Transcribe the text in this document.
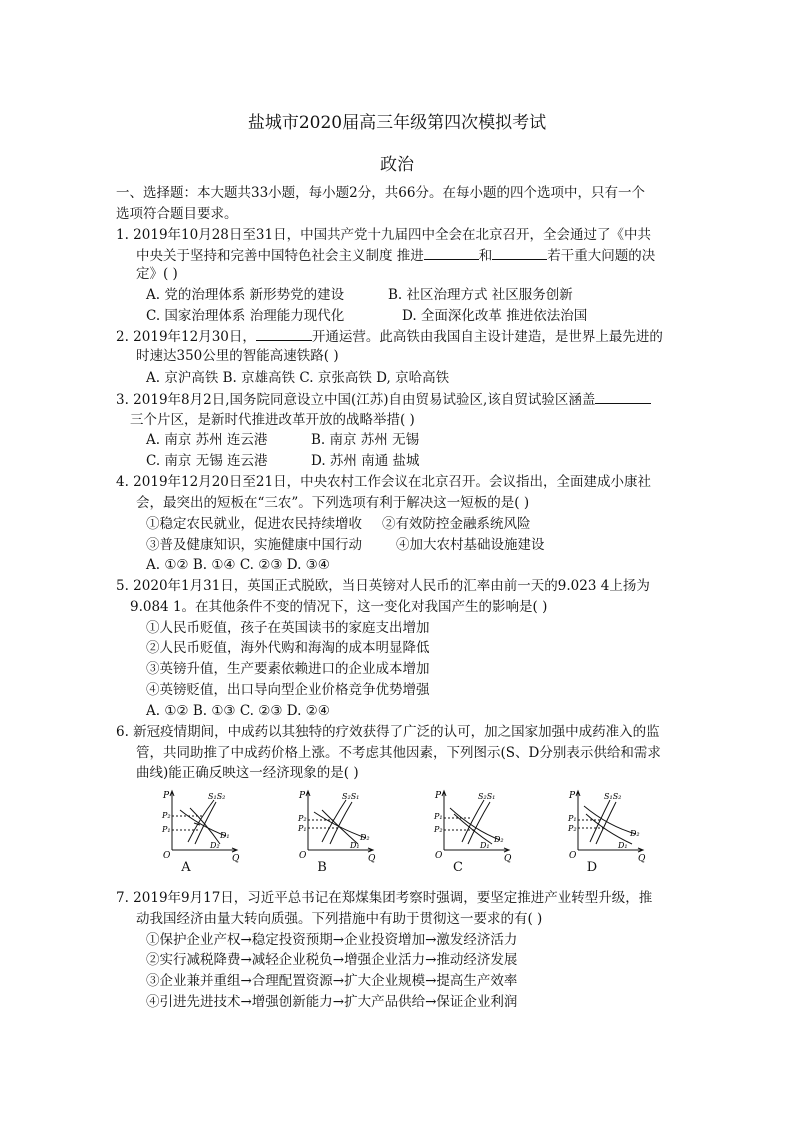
盐城市2020届高三年级第四次模拟考试
政治
一、选择题：本大题共33小题，每小题2分，共66分。在每小题的四个选项中，只有一个
选项符合题目要求。
1. 2019年10月28日至31日，中国共产党十九届四中全会在北京召开，全会通过了《中共
中央关于坚持和完善中国特色社会主义制度 推进	和	若干重大问题的决
定》( )
A. 党的治理体系 新形势党的建设	B. 社区治理方式 社区服务创新
C. 国家治理体系 治理能力现代化	D. 全面深化改革 推进依法治国
2. 2019年12月30日，	开通运营。此高铁由我国自主设计建造，是世界上最先进的
时速达350公里的智能高速铁路( )
A. 京沪高铁 B. 京雄高铁 C. 京张高铁 D, 京哈高铁
3. 2019年8月2日,国务院同意设立中国(江苏)自由贸易试验区,该自贸试验区涵盖
三个片区，是新时代推进改革开放的战略举措( )
A. 南京 苏州 连云港	B. 南京 苏州 无锡
C. 南京 无锡 连云港	D. 苏州 南通 盐城
4. 2019年12月20日至21日，中央农村工作会议在北京召开。会议指出，全面建成小康社
会，最突出的短板在“三农”。下列选项有利于解决这一短板的是( )
①稳定农民就业，促进农民持续增收 ②有效防控金融系统风险
③普及健康知识，实施健康中国行动	④加大农村基础设施建设
A. ①② B. ①④ C. ②③ D. ③④
5. 2020年1月31日，英国正式脱欧，当日英镑对人民币的汇率由前一天的9.023 4上扬为
9.084 1。在其他条件不变的情况下，这一变化对我国产生的影响是( )
①人民币贬值，孩子在英国读书的家庭支出增加
②人民币贬值，海外代购和海淘的成本明显降低
③英镑升值，生产要素依赖进口的企业成本增加
④英镑贬值，出口导向型企业价格竞争优势增强
A. ①② B. ①③ C. ②③ D. ②④
6. 新冠疫情期间，中成药以其独特的疗效获得了广泛的认可，加之国家加强中成药准入的监
管，共同助推了中成药价格上涨。不考虑其他因素，下列图示(S、D分别表示供给和需求
曲线)能正确反映这一经济现象的是( )
P
Q
O
S₁S₂
D₁
D₂
P₂
P₁
A
P
Q
O
S₂S₁
D₂
D₁
P₂
P₁
B
P
Q
O
S₂S₁
D₂
D₁
P₁
P₂
C
P
Q
O
S₁S₂
D₂
D₁
P₁
P₂
D
7. 2019年9月17日，习近平总书记在郑煤集团考察时强调，要坚定推进产业转型升级，推
动我国经济由量大转向质强。下列措施中有助于贯彻这一要求的有( )
①保护企业产权→稳定投资预期→企业投资增加→激发经济活力
②实行减税降费→减轻企业税负→增强企业活力→推动经济发展
③企业兼并重组→合理配置资源→扩大企业规模→提高生产效率
④引进先进技术→增强创新能力→扩大产品供给→保证企业利润
